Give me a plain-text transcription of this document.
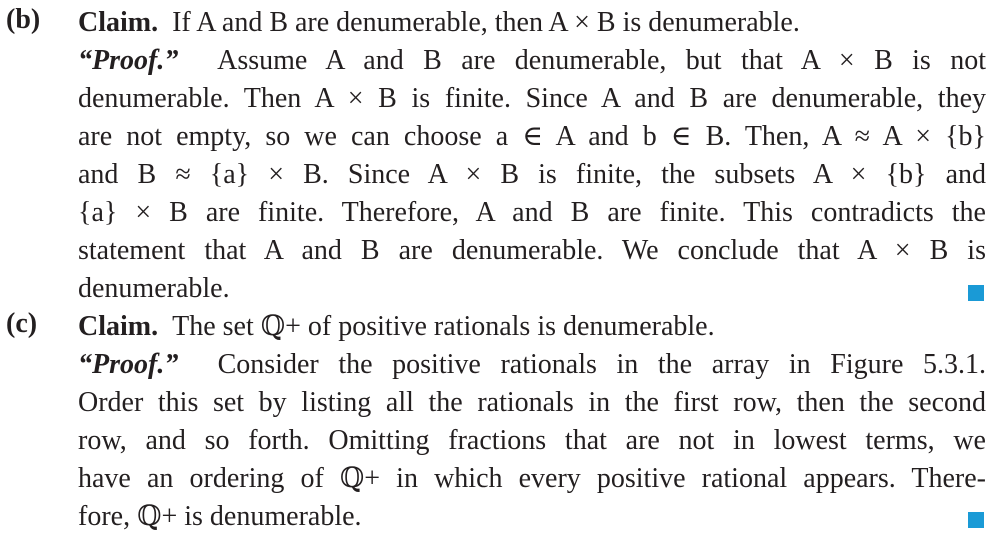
(b) Claim. If A and B are denumerable, then A × B is denumerable.
“Proof.” Assume A and B are denumerable, but that A × B is not
denumerable. Then A × B is finite. Since A and B are denumerable, they
are not empty, so we can choose a ∈ A and b ∈ B. Then, A ≈ A × {b}
and B ≈ {a} × B. Since A × B is finite, the subsets A × {b} and
{a} × B are finite. Therefore, A and B are finite. This contradicts the
statement that A and B are denumerable. We conclude that A × B is
denumerable.
(c) Claim. The set ℚ+ of positive rationals is denumerable.
“Proof.” Consider the positive rationals in the array in Figure 5.3.1.
Order this set by listing all the rationals in the first row, then the second
row, and so forth. Omitting fractions that are not in lowest terms, we
have an ordering of ℚ+ in which every positive rational appears. There-
fore, ℚ+ is denumerable.
